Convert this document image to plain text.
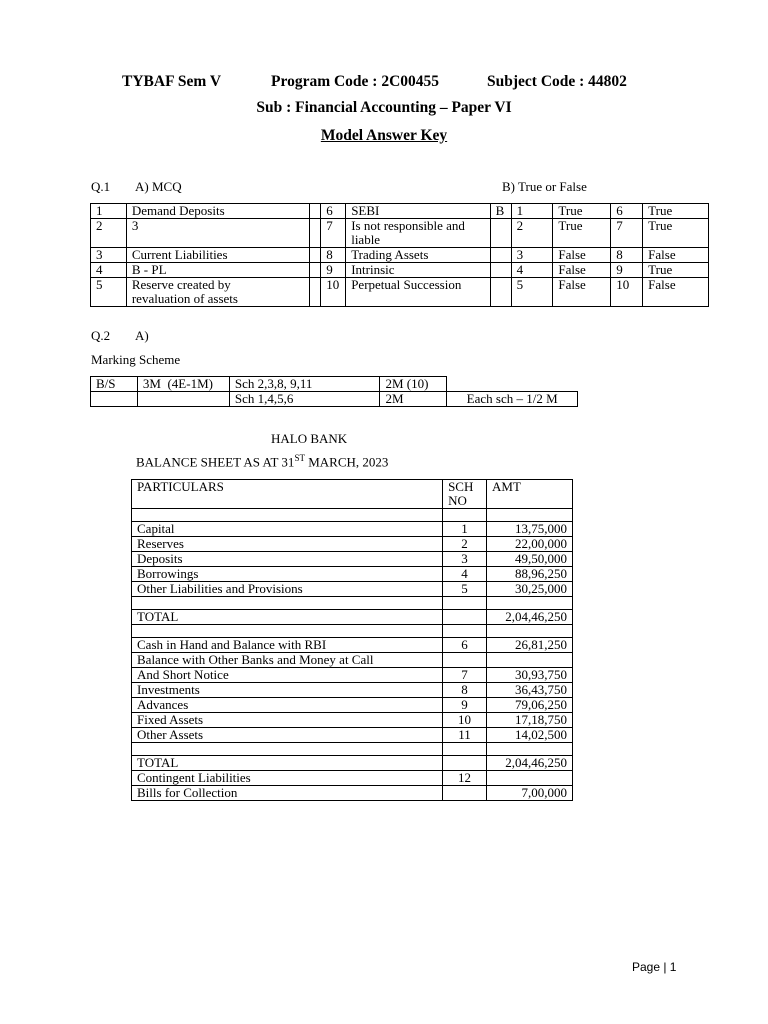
TYBAF Sem V	Program Code : 2C00455	Subject Code : 44802
Sub : Financial Accounting – Paper VI
Model Answer Key
Q.1 A) MCQ	B) True or False
1	Demand Deposits		6	SEBI	B	1	True	6	True
2	3		7	Is not responsible and liable		2	True	7	True
3	Current Liabilities		8	Trading Assets		3	False	8	False
4	B - PL		9	Intrinsic		4	False	9	True
5	Reserve created by revaluation of assets		10	Perpetual Succession		5	False	10	False
Q.2 A)
Marking Scheme
B/S	3M  (4E-1M)	Sch 2,3,8, 9,11	2M (10)	
		Sch 1,4,5,6	2M	Each sch – 1/2 M
HALO BANK
BALANCE SHEET AS AT 31ST MARCH, 2023
PARTICULARS	SCH NO	AMT

Capital	1	13,75,000
Reserves	2	22,00,000
Deposits	3	49,50,000
Borrowings	4	88,96,250
Other Liabilities and Provisions	5	30,25,000

TOTAL		2,04,46,250

Cash in Hand and Balance with RBI	6	26,81,250
Balance with Other Banks and Money at Call		
And Short Notice	7	30,93,750
Investments	8	36,43,750
Advances	9	79,06,250
Fixed Assets	10	17,18,750
Other Assets	11	14,02,500

TOTAL		2,04,46,250
Contingent Liabilities	12	
Bills for Collection		7,00,000
Page | 1
